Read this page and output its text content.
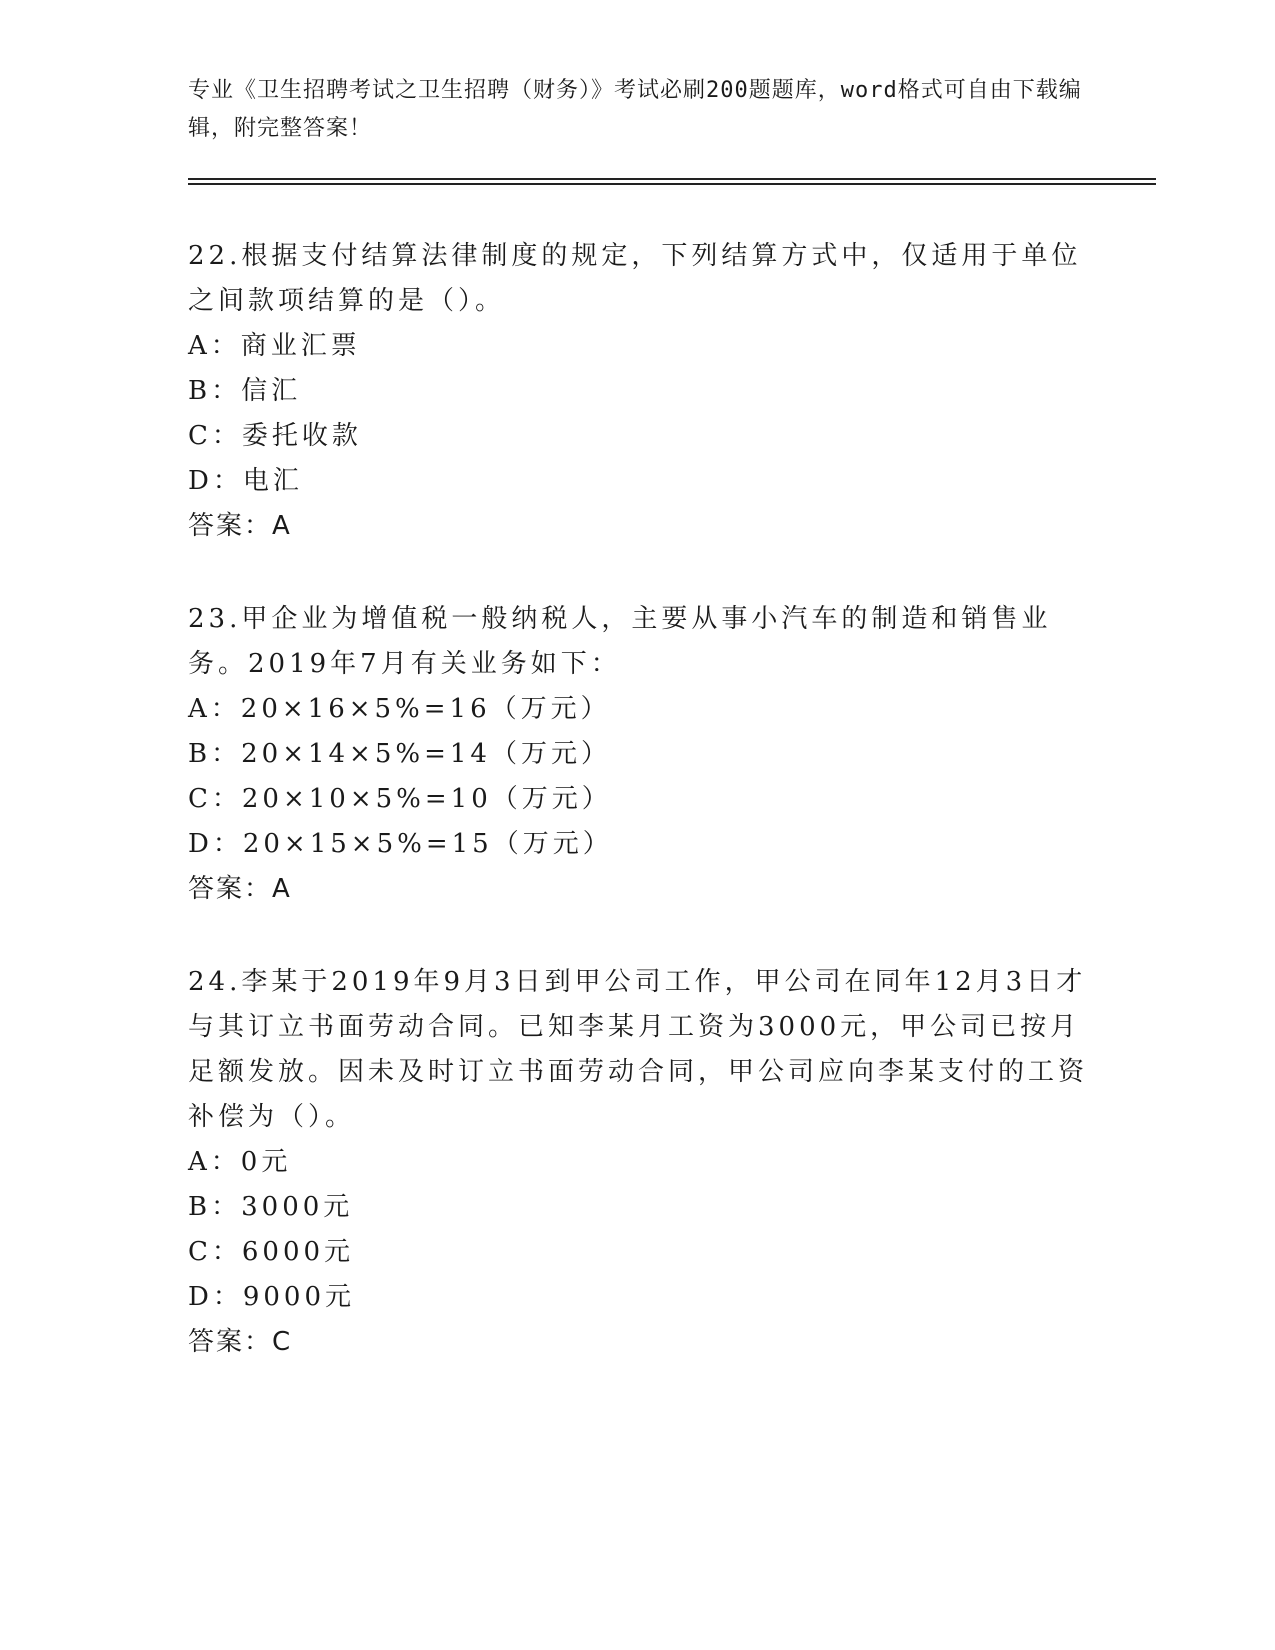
专业《卫生招聘考试之卫生招聘（财务）》考试必刷200题题库，word格式可自由下载编辑，附完整答案！

22.根据支付结算法律制度的规定，下列结算方式中，仅适用于单位之间款项结算的是（）。

A：商业汇票

B：信汇

C：委托收款

D：电汇

答案：A

23.甲企业为增值税一般纳税人，主要从事小汽车的制造和销售业务。2019年7月有关业务如下：

A：20×16×5%=16（万元）

B：20×14×5%=14（万元）

C：20×10×5%=10（万元）

D：20×15×5%=15（万元）

答案：A

24.李某于2019年9月3日到甲公司工作，甲公司在同年12月3日才与其订立书面劳动合同。已知李某月工资为3000元，甲公司已按月足额发放。因未及时订立书面劳动合同，甲公司应向李某支付的工资补偿为（）。

A：0元

B：3000元

C：6000元

D：9000元

答案：C
